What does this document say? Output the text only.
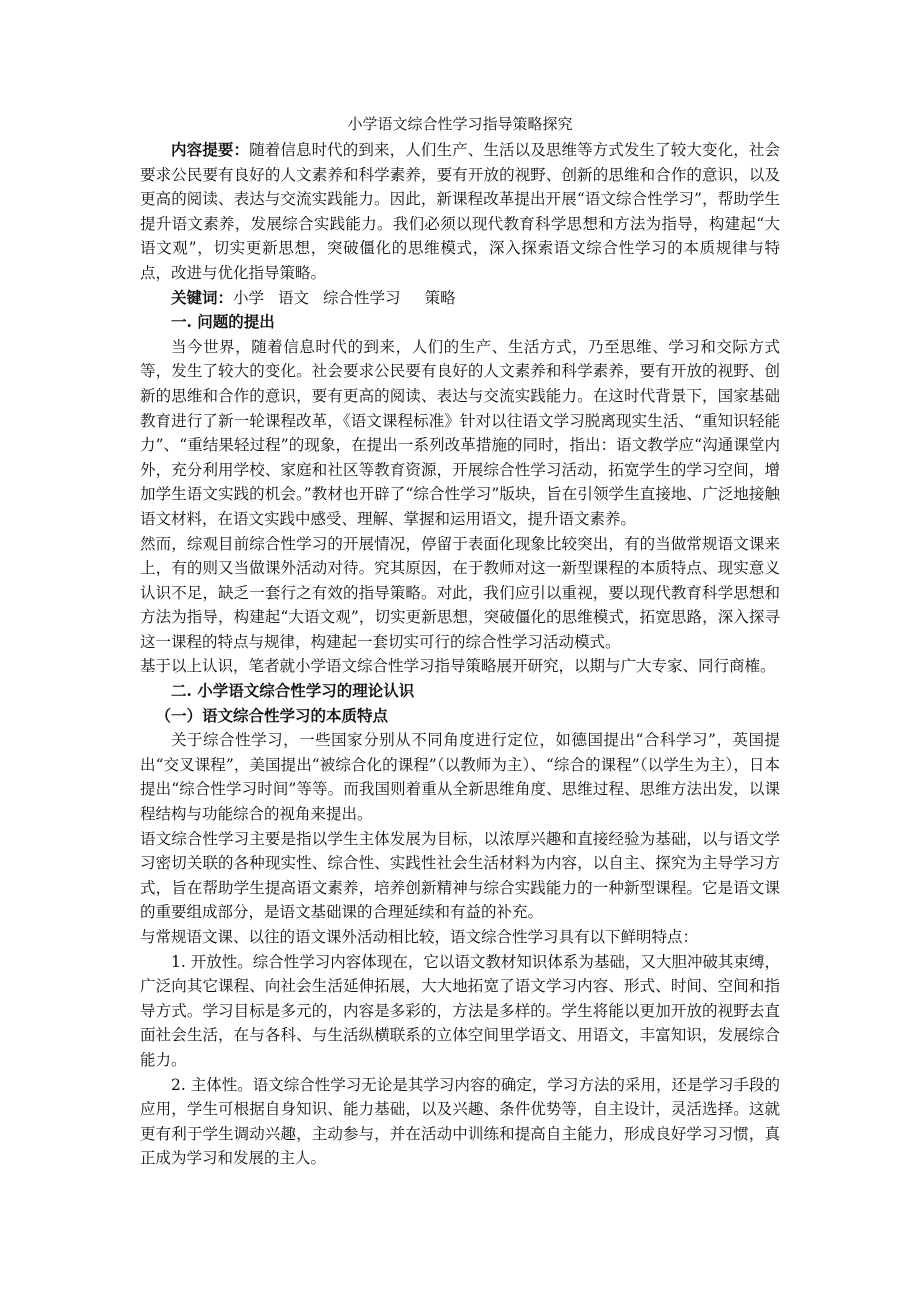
小学语文综合性学习指导策略探究

内容提要：随着信息时代的到来，人们生产、生活以及思维等方式发生了较大变化，社会要求公民要有良好的人文素养和科学素养，要有开放的视野、创新的思维和合作的意识，以及更高的阅读、表达与交流实践能力。因此，新课程改革提出开展“语文综合性学习”，帮助学生提升语文素养，发展综合实践能力。我们必须以现代教育科学思想和方法为指导，构建起“大语文观”，切实更新思想，突破僵化的思维模式，深入探索语文综合性学习的本质规律与特点，改进与优化指导策略。

关键词：小学 语文 综合性学习 策略

一. 问题的提出

当今世界，随着信息时代的到来，人们的生产、生活方式，乃至思维、学习和交际方式等，发生了较大的变化。社会要求公民要有良好的人文素养和科学素养，要有开放的视野、创新的思维和合作的意识，要有更高的阅读、表达与交流实践能力。在这时代背景下，国家基础教育进行了新一轮课程改革，《语文课程标准》针对以往语文学习脱离现实生活、“重知识轻能力”、“重结果轻过程”的现象，在提出一系列改革措施的同时，指出：语文教学应“沟通课堂内外，充分利用学校、家庭和社区等教育资源，开展综合性学习活动，拓宽学生的学习空间，增加学生语文实践的机会。”教材也开辟了“综合性学习”版块，旨在引领学生直接地、广泛地接触语文材料，在语文实践中感受、理解、掌握和运用语文，提升语文素养。

然而，综观目前综合性学习的开展情况，停留于表面化现象比较突出，有的当做常规语文课来上，有的则又当做课外活动对待。究其原因，在于教师对这一新型课程的本质特点、现实意义认识不足，缺乏一套行之有效的指导策略。对此，我们应引以重视，要以现代教育科学思想和方法为指导，构建起“大语文观”，切实更新思想，突破僵化的思维模式，拓宽思路，深入探寻这一课程的特点与规律，构建起一套切实可行的综合性学习活动模式。

基于以上认识，笔者就小学语文综合性学习指导策略展开研究，以期与广大专家、同行商榷。

二. 小学语文综合性学习的理论认识

（一）语文综合性学习的本质特点

关于综合性学习，一些国家分别从不同角度进行定位，如德国提出“合科学习”，英国提出“交叉课程”，美国提出“被综合化的课程”（以教师为主）、“综合的课程”（以学生为主），日本提出“综合性学习时间”等等。而我国则着重从全新思维角度、思维过程、思维方法出发，以课程结构与功能综合的视角来提出。

语文综合性学习主要是指以学生主体发展为目标，以浓厚兴趣和直接经验为基础，以与语文学习密切关联的各种现实性、综合性、实践性社会生活材料为内容，以自主、探究为主导学习方式，旨在帮助学生提高语文素养，培养创新精神与综合实践能力的一种新型课程。它是语文课的重要组成部分，是语文基础课的合理延续和有益的补充。

与常规语文课、以往的语文课外活动相比较，语文综合性学习具有以下鲜明特点：

1. 开放性。综合性学习内容体现在，它以语文教材知识体系为基础，又大胆冲破其束缚，广泛向其它课程、向社会生活延伸拓展，大大地拓宽了语文学习内容、形式、时间、空间和指导方式。学习目标是多元的，内容是多彩的，方法是多样的。学生将能以更加开放的视野去直面社会生活，在与各科、与生活纵横联系的立体空间里学语文、用语文，丰富知识，发展综合能力。

2. 主体性。语文综合性学习无论是其学习内容的确定，学习方法的采用，还是学习手段的应用，学生可根据自身知识、能力基础，以及兴趣、条件优势等，自主设计，灵活选择。这就更有利于学生调动兴趣，主动参与，并在活动中训练和提高自主能力，形成良好学习习惯，真正成为学习和发展的主人。
